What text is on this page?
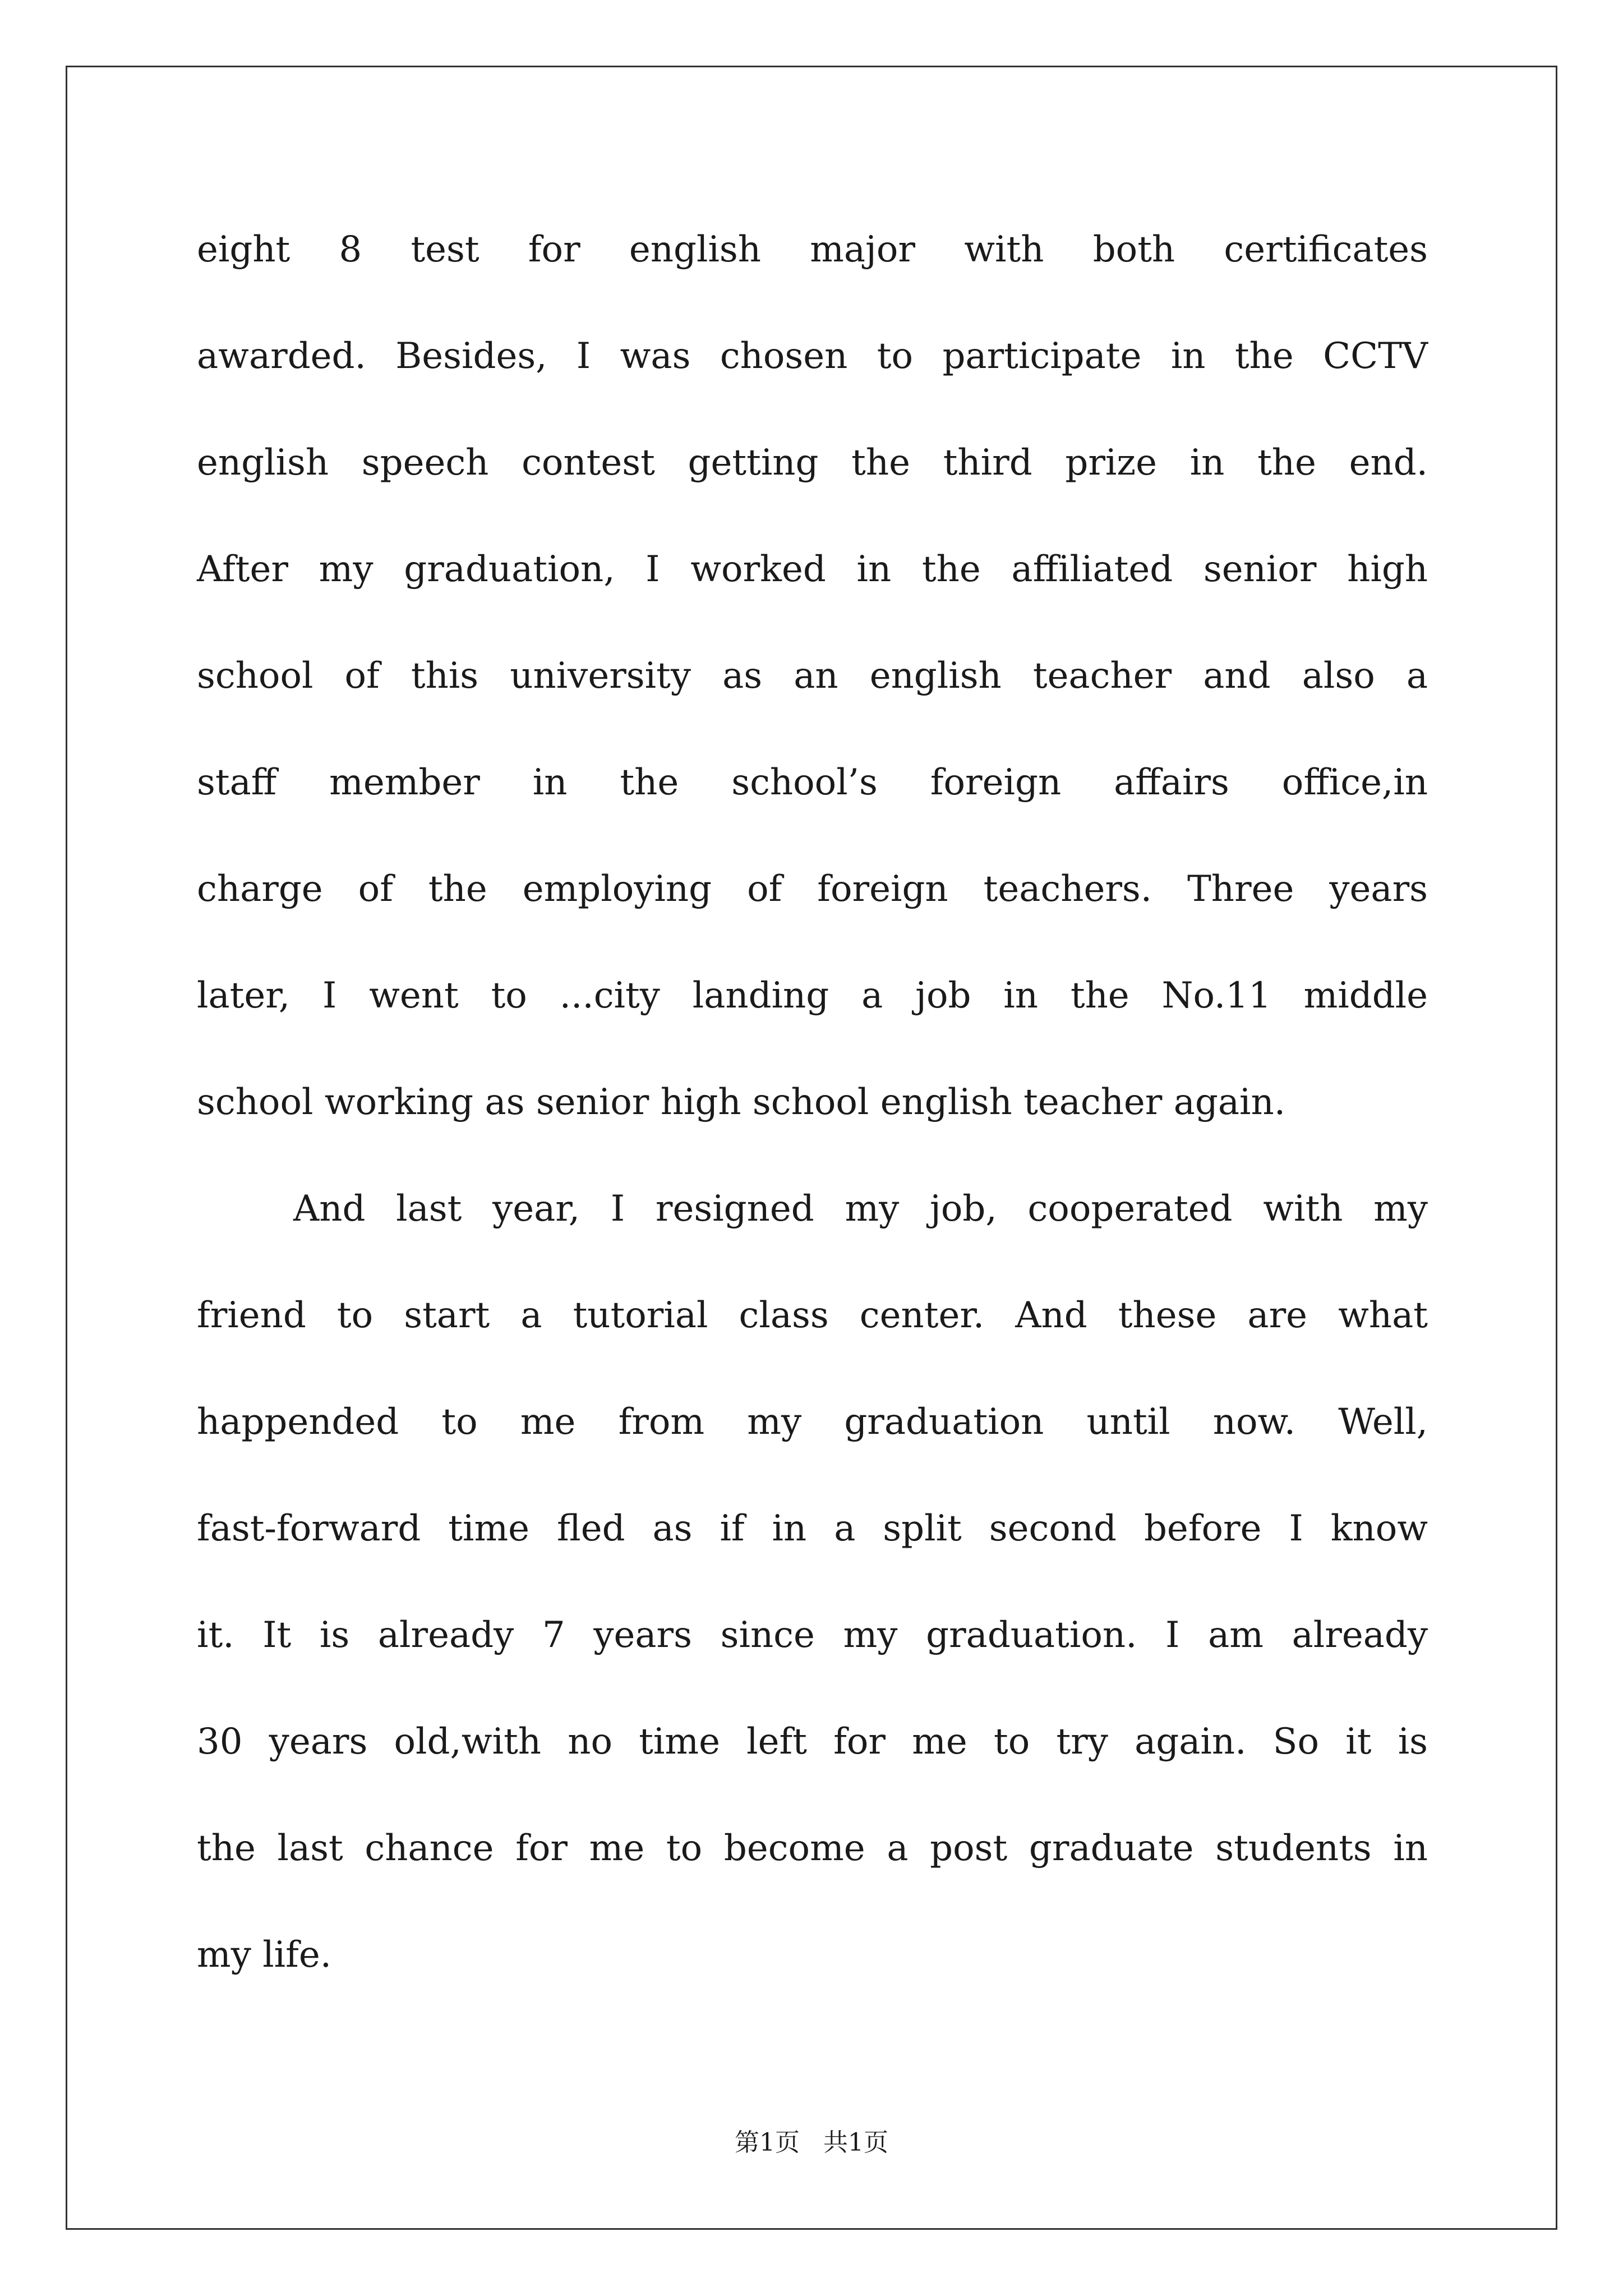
eight 8 test for english major with both certificates
awarded. Besides, I was chosen to participate in the CCTV
english speech contest getting the third prize in the end.
After my graduation, I worked in the affiliated senior high
school of this university as an english teacher and also a
staff member in the school’s foreign affairs office,in
charge of the employing of foreign teachers. Three years
later, I went to ...city landing a job in the No.11 middle
school working as senior high school english teacher again.
And last year, I resigned my job, cooperated with my
friend to start a tutorial class center. And these are what
happended to me from my graduation until now. Well,
fast-forward time fled as if in a split second before I know
it. It is already 7 years since my graduation. I am already
30 years old,with no time left for me to try again. So it is
the last chance for me to become a post graduate students in
my life.
第1页   共1页
